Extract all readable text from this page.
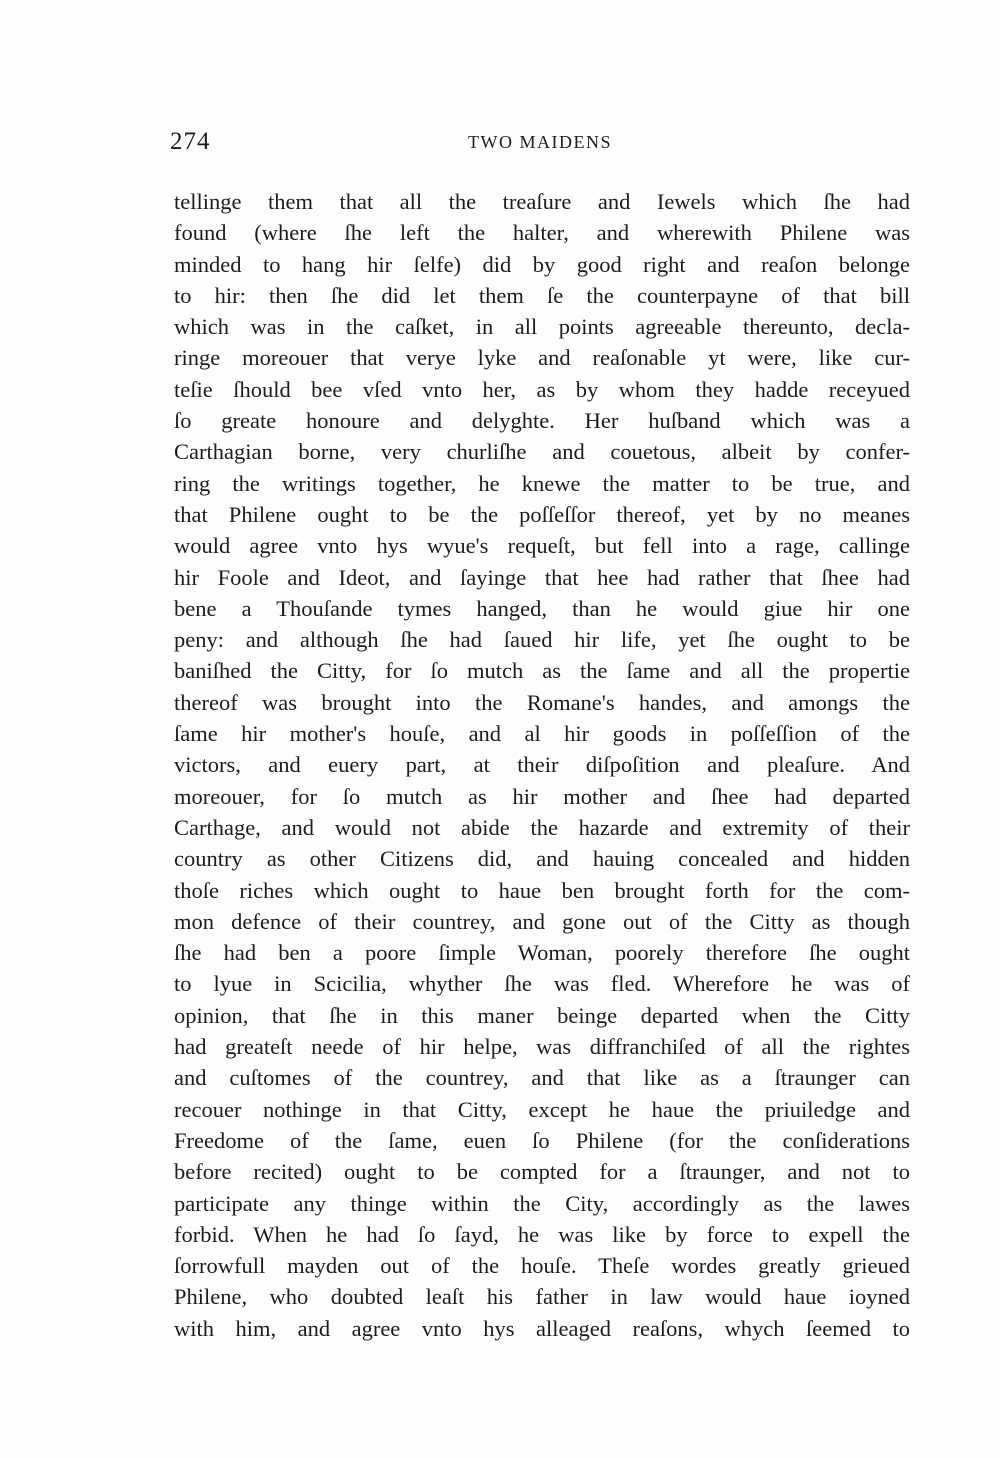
274	TWO MAIDENS
tellinge them that all the treaſure and Iewels which ſhe had
found (where ſhe left the halter, and wherewith Philene was
minded to hang hir ſelfe) did by good right and reaſon belonge
to hir: then ſhe did let them ſe the counterpayne of that bill
which was in the caſket, in all points agreeable thereunto, decla-
ringe moreouer that verye lyke and reaſonable yt were, like cur-
teſie ſhould bee vſed vnto her, as by whom they hadde receyued
ſo greate honoure and delyghte. Her huſband which was a
Carthagian borne, very churliſhe and couetous, albeit by confer-
ring the writings together, he knewe the matter to be true, and
that Philene ought to be the poſſeſſor thereof, yet by no meanes
would agree vnto hys wyue's requeſt, but fell into a rage, callinge
hir Foole and Ideot, and ſayinge that hee had rather that ſhee had
bene a Thouſande tymes hanged, than he would giue hir one
peny: and although ſhe had ſaued hir life, yet ſhe ought to be
baniſhed the Citty, for ſo mutch as the ſame and all the propertie
thereof was brought into the Romane's handes, and amongs the
ſame hir mother's houſe, and al hir goods in poſſeſſion of the
victors, and euery part, at their diſpoſition and pleaſure. And
moreouer, for ſo mutch as hir mother and ſhee had departed
Carthage, and would not abide the hazarde and extremity of their
country as other Citizens did, and hauing concealed and hidden
thoſe riches which ought to haue ben brought forth for the com-
mon defence of their countrey, and gone out of the Citty as though
ſhe had ben a poore ſimple Woman, poorely therefore ſhe ought
to lyue in Scicilia, whyther ſhe was fled. Wherefore he was of
opinion, that ſhe in this maner beinge departed when the Citty
had greateſt neede of hir helpe, was diffranchiſed of all the rightes
and cuſtomes of the countrey, and that like as a ſtraunger can
recouer nothinge in that Citty, except he haue the priuiledge and
Freedome of the ſame, euen ſo Philene (for the conſiderations
before recited) ought to be compted for a ſtraunger, and not to
participate any thinge within the City, accordingly as the lawes
forbid. When he had ſo ſayd, he was like by force to expell the
ſorrowfull mayden out of the houſe. Theſe wordes greatly grieued
Philene, who doubted leaſt his father in law would haue ioyned
with him, and agree vnto hys alleaged reaſons, whych ſeemed to
